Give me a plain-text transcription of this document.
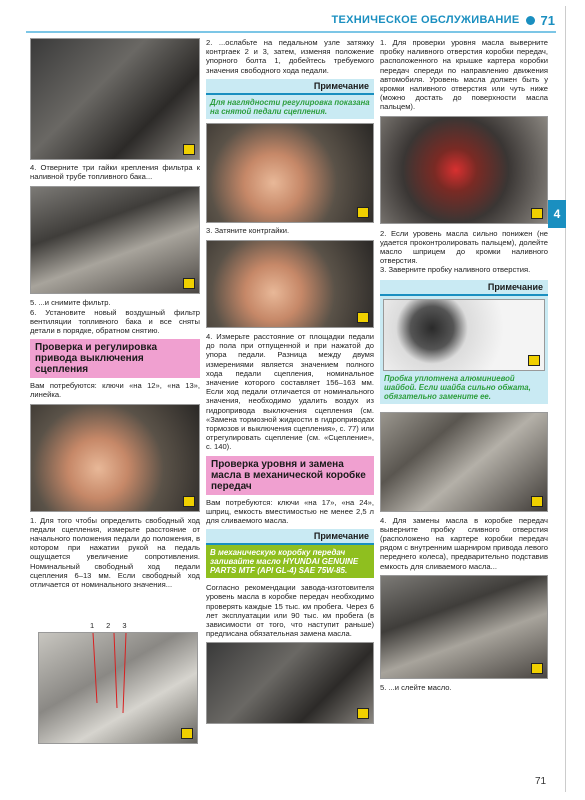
ТЕХНИЧЕСКОЕ ОБСЛУЖИВАНИЕ 71
4. Отверните три гайки крепления фильтра к наливной трубе топливного бака...
5. ...и снимите фильтр.
6. Установите новый воздушный фильтр вентиляции топливного бака и все сняты детали в порядке, обратном снятию.
Проверка и регулировка привода выключения сцепления
Вам потребуются: ключи «на 12», «на 13», линейка.
1. Для того чтобы определить свободный ход педали сцепления, измерьте расстояние от начального положения педали до положения, в котором при нажатии рукой на педаль ощущается увеличение сопротивления. Номинальный свободный ход педали сцепления 6–13 мм. Если свободный ход отличается от номинального значения...
1 2 3
2. ...ослабьте на педальном узле затяжку контргаек 2 и 3, затем, изменяя положение упорного болта 1, добейтесь требуемого значения свободного хода педали.
Примечание
Для наглядности регулировка показана на снятой педали сцепления.
3. Затяните контргайки.
4. Измерьте расстояние от площадки педали до пола при отпущенной и при нажатой до упора педали. Разница между двумя измерениями является значением полного хода педали сцепления, номинальное значение которого составляет 156–163 мм. Если ход педали отличается от номинального значения, необходимо удалить воздух из гидропривода выключения сцепления (см. «Замена тормозной жидкости в гидроприводах тормозов и выключения сцепления», с. 77) или отрегулировать сцепление (см. «Сцепление», с. 140).
Проверка уровня и замена масла в механической коробке передач
Вам потребуются: ключи «на 17», «на 24», шприц, емкость вместимостью не менее 2,5 л для сливаемого масла.
Примечание
В механическую коробку передач заливайте масло HYUNDAI GENUINE PARTS MTF (API GL-4) SAE 75W-85.
Согласно рекомендации завода-изготовителя уровень масла в коробке передач необходимо проверять каждые 15 тыс. км пробега. Через 6 лет эксплуатации или 90 тыс. км пробега (в зависимости от того, что наступит раньше) предписана обязательная замена масла.
1. Для проверки уровня масла выверните пробку наливного отверстия коробки передач, расположенного на крышке картера коробки передач спереди по направлению движения автомобиля. Уровень масла должен быть у кромки наливного отверстия или чуть ниже (можно достать до поверхности масла пальцем).
2. Если уровень масла сильно понижен (не удается проконтролировать пальцем), долейте масло шприцем до кромки наливного отверстия.
3. Заверните пробку наливного отверстия.
Примечание
Пробка уплотнена алюминиевой шайбой. Если шайба сильно обжата, обязательно замените ее.
4. Для замены масла в коробке передач выверните пробку сливного отверстия (расположено на картере коробки передач рядом с внутренним шарниром привода левого переднего колеса), предварительно подставив емкость для сливаемого масла...
5. ...и слейте масло.
4
71
